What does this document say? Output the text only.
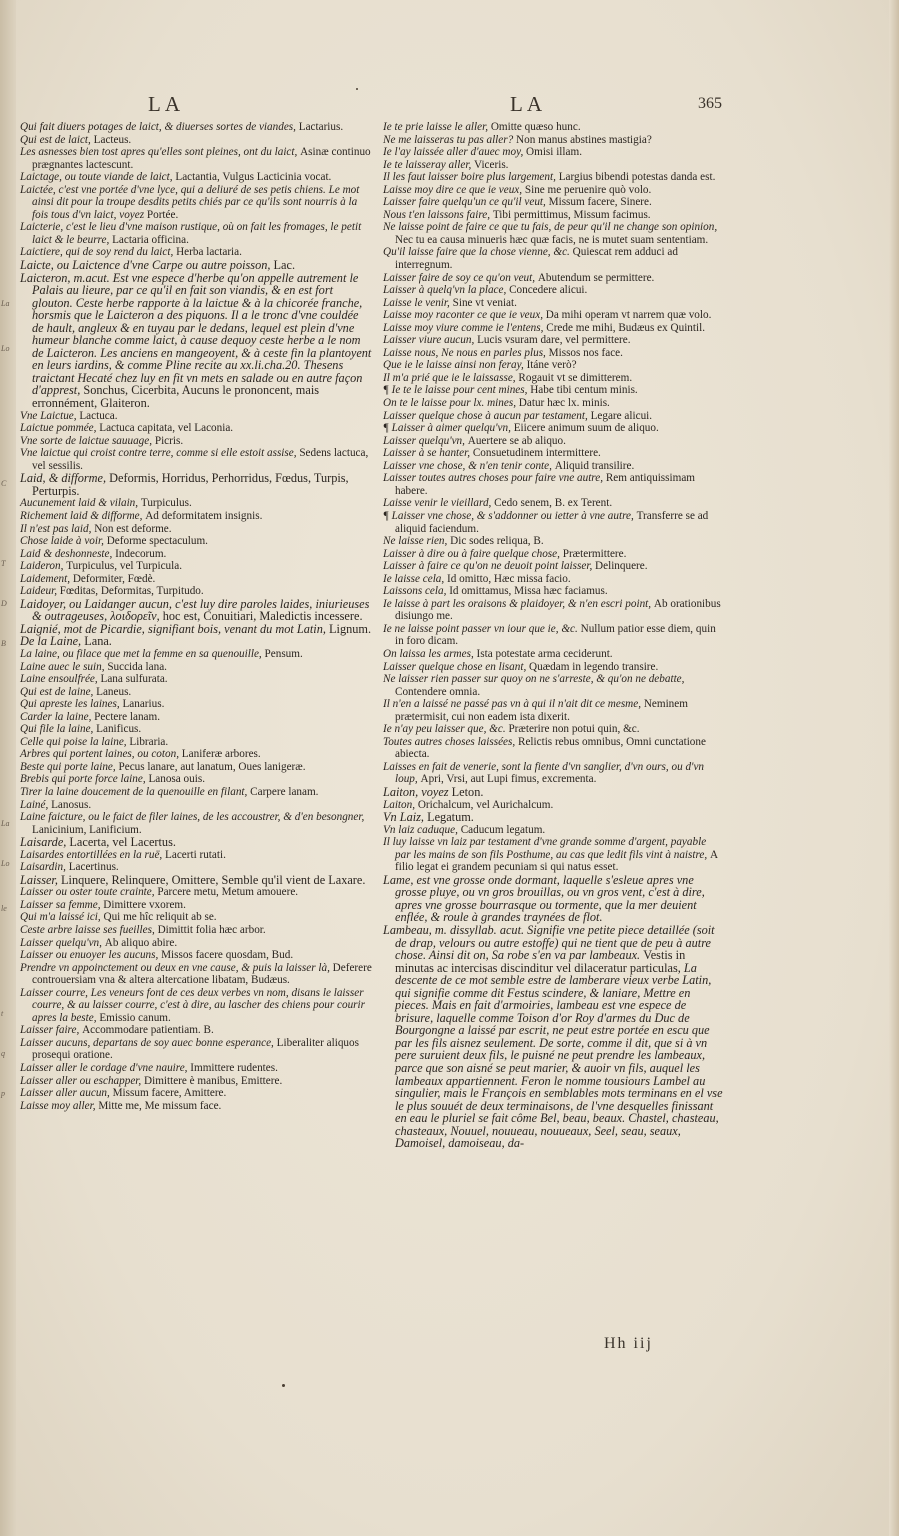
La
Lo
C
T
D
B
La
Lo
le
t
q
p
LA	LA	365

Qui fait diuers potages de laict, & diuerses sortes de viandes, Lactarius.

Qui est de laict, Lacteus.

Les asnesses bien tost apres qu'elles sont pleines, ont du laict, Asinæ continuo prægnantes lactescunt.

Laictage, ou toute viande de laict, Lactantia, Vulgus Lacticinia vocat.

Laictée, c'est vne portée d'vne lyce, qui a deliuré de ses petis chiens. Le mot ainsi dit pour la troupe desdits petits chiés par ce qu'ils sont nourris à la fois tous d'vn laict, voyez Portée.

Laicterie, c'est le lieu d'vne maison rustique, où on fait les fromages, le petit laict & le beurre, Lactaria officina.

Laictiere, qui de soy rend du laict, Herba lactaria.

Laicte, ou Laictence d'vne Carpe ou autre poisson, Lac.

Laicteron, m.acut. Est vne espece d'herbe qu'on appelle autrement le Palais au lieure, par ce qu'il en fait son viandis, & en est fort glouton. Ceste herbe rapporte à la laictue & à la chicorée franche, horsmis que le Laicteron a des piquons. Il a le tronc d'vne couldée de hault, angleux & en tuyau par le dedans, lequel est plein d'vne humeur blanche comme laict, à cause dequoy ceste herbe a le nom de Laicteron. Les anciens en mangeoyent, & à ceste fin la plantoyent en leurs iardins, & comme Pline recite au xx.li.cha.20. Thesens traictant Hecaté chez luy en fit vn mets en salade ou en autre façon d'apprest, Sonchus, Cicerbita, Aucuns le prononcent, mais erronnément, Glaiteron.

Vne Laictue, Lactuca.

Laictue pommée, Lactuca capitata, vel Laconia.

Vne sorte de laictue sauuage, Picris.

Vne laictue qui croist contre terre, comme si elle estoit assise, Sedens lactuca, vel sessilis.

Laid, & difforme, Deformis, Horridus, Perhorridus, Fœdus, Turpis, Perturpis.

Aucunement laid & vilain, Turpiculus.

Richement laid & difforme, Ad deformitatem insignis.

Il n'est pas laid, Non est deforme.

Chose laide à voir, Deforme spectaculum.

Laid & deshonneste, Indecorum.

Laideron, Turpiculus, vel Turpicula.

Laidement, Deformiter, Fœdè.

Laideur, Fœditas, Deformitas, Turpitudo.

Laidoyer, ou Laidanger aucun, c'est luy dire paroles laides, iniurieuses & outrageuses, λοιδορεῖν, hoc est, Conuitiari, Maledictis incessere.

Laignié, mot de Picardie, signifiant bois, venant du mot Latin, Lignum.

De la Laine, Lana.

La laine, ou filace que met la femme en sa quenouille, Pensum.

Laine auec le suin, Succida lana.

Laine ensoulfrée, Lana sulfurata.

Qui est de laine, Laneus.

Qui apreste les laines, Lanarius.

Carder la laine, Pectere lanam.

Qui file la laine, Lanificus.

Celle qui poise la laine, Libraria.

Arbres qui portent laines, ou coton, Laniferæ arbores.

Beste qui porte laine, Pecus lanare, aut lanatum, Oues lanigeræ.

Brebis qui porte force laine, Lanosa ouis.

Tirer la laine doucement de la quenouille en filant, Carpere lanam.

Lainé, Lanosus.

Laine faicture, ou le faict de filer laines, de les accoustrer, & d'en besongner, Lanicinium, Lanificium.

Laisarde, Lacerta, vel Lacertus.

Laisardes entortillées en la ruë, Lacerti rutati.

Laisardin, Lacertinus.

Laisser, Linquere, Relinquere, Omittere, Semble qu'il vient de Laxare.

Laisser ou oster toute crainte, Parcere metu, Metum amouere.

Laisser sa femme, Dimittere vxorem.

Qui m'a laissé ici, Qui me hîc reliquit ab se.

Ceste arbre laisse ses fueilles, Dimittit folia hæc arbor.

Laisser quelqu'vn, Ab aliquo abire.

Laisser ou enuoyer les aucuns, Missos facere quosdam, Bud.

Prendre vn appoinctement ou deux en vne cause, & puis la laisser là, Deferere controuersiam vna & altera altercatione libatam, Budæus.

Laisser courre, Les veneurs font de ces deux verbes vn nom, disans le laisser courre, & au laisser courre, c'est à dire, au lascher des chiens pour courir apres la beste, Emissio canum.

Laisser faire, Accommodare patientiam. B.

Laisser aucuns, departans de soy auec bonne esperance, Liberaliter aliquos prosequi oratione.

Laisser aller le cordage d'vne nauire, Immittere rudentes.

Laisser aller ou eschapper, Dimittere è manibus, Emittere.

Laisser aller aucun, Missum facere, Amittere.

Laisse moy aller, Mitte me, Me missum face.

Ie te prie laisse le aller, Omitte quæso hunc.

Ne me laisseras tu pas aller? Non manus abstines mastigia?

Ie l'ay laissée aller d'auec moy, Omisi illam.

Ie te laisseray aller, Viceris.

Il les faut laisser boire plus largement, Largius bibendi potestas danda est.

Laisse moy dire ce que ie veux, Sine me peruenire quò volo.

Laisser faire quelqu'un ce qu'il veut, Missum facere, Sinere.

Nous t'en laissons faire, Tibi permittimus, Missum facimus.

Ne laisse point de faire ce que tu fais, de peur qu'il ne change son opinion, Nec tu ea causa minueris hæc quæ facis, ne is mutet suam sententiam.

Qu'il laisse faire que la chose vienne, &c. Quiescat rem adduci ad interregnum.

Laisser faire de soy ce qu'on veut, Abutendum se permittere.

Laisser à quelq'vn la place, Concedere alicui.

Laisse le venir, Sine vt veniat.

Laisse moy raconter ce que ie veux, Da mihi operam vt narrem quæ volo.

Laisse moy viure comme ie l'entens, Crede me mihi, Budæus ex Quintil.

Laisser viure aucun, Lucis vsuram dare, vel permittere.

Laisse nous, Ne nous en parles plus, Missos nos face.

Que ie le laisse ainsi non feray, Itáne verò?

Il m'a prié que ie le laissasse, Rogauit vt se dimitterem.

¶ Ie te le laisse pour cent mines, Habe tibi centum minis.

On te le laisse pour lx. mines, Datur hæc lx. minis.

Laisser quelque chose à aucun par testament, Legare alicui.

¶ Laisser à aimer quelqu'vn, Eiicere animum suum de aliquo.

Laisser quelqu'vn, Auertere se ab aliquo.

Laisser à se hanter, Consuetudinem intermittere.

Laisser vne chose, & n'en tenir conte, Aliquid transilire.

Laisser toutes autres choses pour faire vne autre, Rem antiquissimam habere.

Laisse venir le vieillard, Cedo senem, B. ex Terent.

¶ Laisser vne chose, & s'addonner ou ietter à vne autre, Transferre se ad aliquid faciendum.

Ne laisse rien, Dic sodes reliqua, B.

Laisser à dire ou à faire quelque chose, Prætermittere.

Laisser à faire ce qu'on ne deuoit point laisser, Delinquere.

Ie laisse cela, Id omitto, Hæc missa facio.

Laissons cela, Id omittamus, Missa hæc faciamus.

Ie laisse à part les oraisons & plaidoyer, & n'en escri point, Ab orationibus disiungo me.

Ie ne laisse point passer vn iour que ie, &c. Nullum patior esse diem, quin in foro dicam.

On laissa les armes, Ista potestate arma ceciderunt.

Laisser quelque chose en lisant, Quædam in legendo transire.

Ne laisser rien passer sur quoy on ne s'arreste, & qu'on ne debatte, Contendere omnia.

Il n'en a laissé ne passé pas vn à qui il n'ait dit ce mesme, Neminem prætermisit, cui non eadem ista dixerit.

Ie n'ay peu laisser que, &c. Præterire non potui quin, &c.

Toutes autres choses laissées, Relictis rebus omnibus, Omni cunctatione abiecta.

Laisses en fait de venerie, sont la fiente d'vn sanglier, d'vn ours, ou d'vn loup, Apri, Vrsi, aut Lupi fimus, excrementa.

Laiton, voyez Leton.

Laiton, Orichalcum, vel Aurichalcum.

Vn Laiz, Legatum.

Vn laiz caduque, Caducum legatum.

Il luy laisse vn laiz par testament d'vne grande somme d'argent, payable par les mains de son fils Posthume, au cas que ledit fils vint à naistre, A filio legat ei grandem pecuniam si qui natus esset.

Lame, est vne grosse onde dormant, laquelle s'esleue apres vne grosse pluye, ou vn gros brouillas, ou vn gros vent, c'est à dire, apres vne grosse bourrasque ou tormente, que la mer deuient enflée, & roule à grandes traynées de flot.

Lambeau, m. dissyllab. acut. Signifie vne petite piece detaillée (soit de drap, velours ou autre estoffe) qui ne tient que de peu à autre chose. Ainsi dit on, Sa robe s'en va par lambeaux. Vestis in minutas ac intercisas discinditur vel dilaceratur particulas, La descente de ce mot semble estre de lamberare vieux verbe Latin, qui signifie comme dit Festus scindere, & laniare, Mettre en pieces. Mais en fait d'armoiries, lambeau est vne espece de brisure, laquelle comme Toison d'or Roy d'armes du Duc de Bourgongne a laissé par escrit, ne peut estre portée en escu que par les fils aisnez seulement. De sorte, comme il dit, que si à vn pere suruient deux fils, le puisné ne peut prendre les lambeaux, parce que son aisné se peut marier, & auoir vn fils, auquel les lambeaux appartiennent. Feron le nomme tousiours Lambel au singulier, mais le François en semblables mots terminans en el vse le plus souuét de deux terminaisons, de l'vne desquelles finissant en eau le pluriel se fait côme Bel, beau, beaux. Chastel, chasteau, chasteaux, Nouuel, nouueau, nouueaux, Seel, seau, seaux, Damoisel, damoiseau, da-

Hh iij
